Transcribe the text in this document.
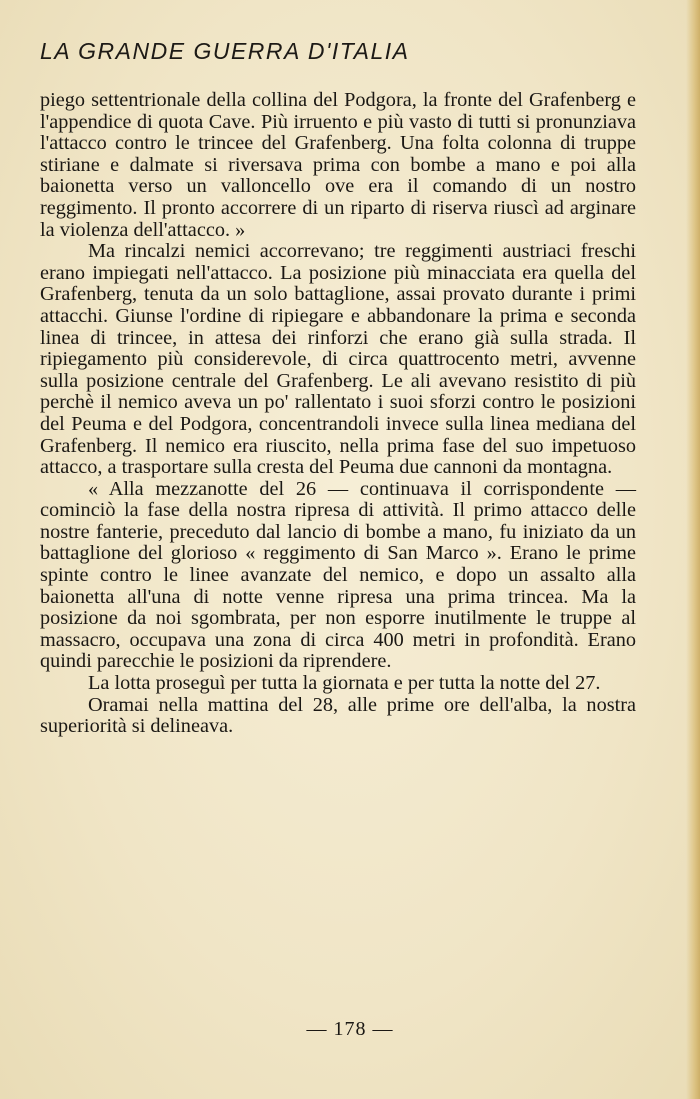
LA GRANDE GUERRA D'ITALIA

piego settentrionale della collina del Podgora, la fronte del Grafenberg e l'appendice di quota Cave. Più irruento e più vasto di tutti si pronunziava l'attacco contro le trincee del Grafenberg. Una folta colonna di truppe stiriane e dalmate si riversava prima con bombe a mano e poi alla baionetta verso un valloncello ove era il comando di un nostro reggimento. Il pronto accorrere di un riparto di riserva riuscì ad arginare la violenza dell'attacco. »

Ma rincalzi nemici accorrevano; tre reggimenti austriaci freschi erano impiegati nell'attacco. La posizione più minacciata era quella del Grafenberg, tenuta da un solo battaglione, assai provato durante i primi attacchi. Giunse l'ordine di ripiegare e abbandonare la prima e seconda linea di trincee, in attesa dei rinforzi che erano già sulla strada. Il ripiegamento più considerevole, di circa quattrocento metri, avvenne sulla posizione centrale del Grafenberg. Le ali avevano resistito di più perchè il nemico aveva un po' rallentato i suoi sforzi contro le posizioni del Peuma e del Podgora, concentrandoli invece sulla linea mediana del Grafenberg. Il nemico era riuscito, nella prima fase del suo impetuoso attacco, a trasportare sulla cresta del Peuma due cannoni da montagna.

« Alla mezzanotte del 26 — continuava il corrispondente — cominciò la fase della nostra ripresa di attività. Il primo attacco delle nostre fanterie, preceduto dal lancio di bombe a mano, fu iniziato da un battaglione del glorioso « reggimento di San Marco ». Erano le prime spinte contro le linee avanzate del nemico, e dopo un assalto alla baionetta all'una di notte venne ripresa una prima trincea. Ma la posizione da noi sgombrata, per non esporre inutilmente le truppe al massacro, occupava una zona di circa 400 metri in profondità. Erano quindi parecchie le posizioni da riprendere.

La lotta proseguì per tutta la giornata e per tutta la notte del 27.

Oramai nella mattina del 28, alle prime ore dell'alba, la nostra superiorità si delineava.

— 178 —
